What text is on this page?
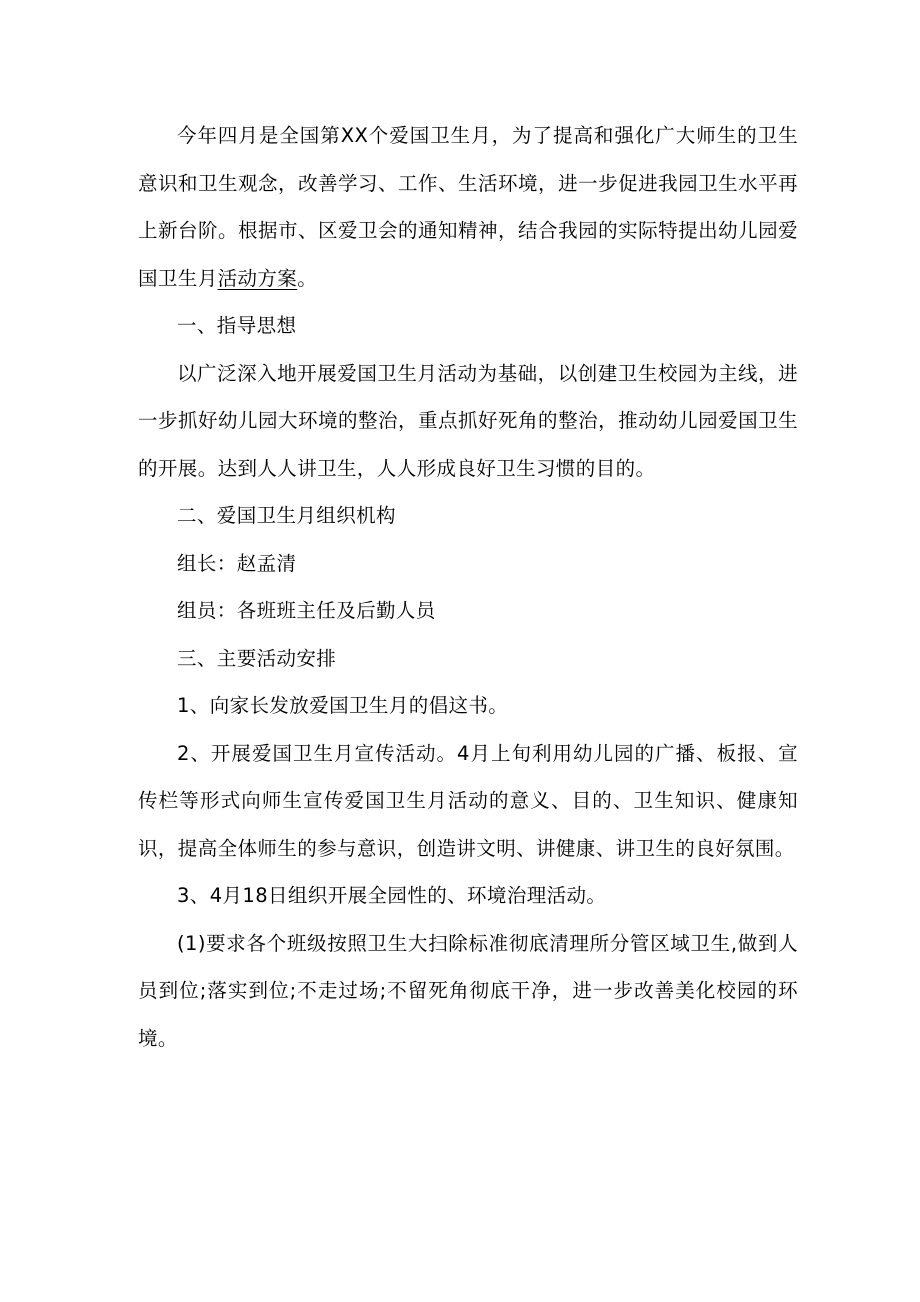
今年四月是全国第XX个爱国卫生月，为了提高和强化广大师生的卫生意识和卫生观念，改善学习、工作、生活环境，进一步促进我园卫生水平再上新台阶。根据市、区爱卫会的通知精神，结合我园的实际特提出幼儿园爱国卫生月活动方案。

一、指导思想

以广泛深入地开展爱国卫生月活动为基础，以创建卫生校园为主线，进一步抓好幼儿园大环境的整治，重点抓好死角的整治，推动幼儿园爱国卫生的开展。达到人人讲卫生，人人形成良好卫生习惯的目的。

二、爱国卫生月组织机构

组长：赵孟清

组员：各班班主任及后勤人员

三、主要活动安排

1、向家长发放爱国卫生月的倡这书。

2、开展爱国卫生月宣传活动。4月上旬利用幼儿园的广播、板报、宣传栏等形式向师生宣传爱国卫生月活动的意义、目的、卫生知识、健康知识，提高全体师生的参与意识，创造讲文明、讲健康、讲卫生的良好氛围。

3、4月18日组织开展全园性的、环境治理活动。

(1)要求各个班级按照卫生大扫除标准彻底清理所分管区域卫生,做到人员到位;落实到位;不走过场;不留死角彻底干净，进一步改善美化校园的环境。
